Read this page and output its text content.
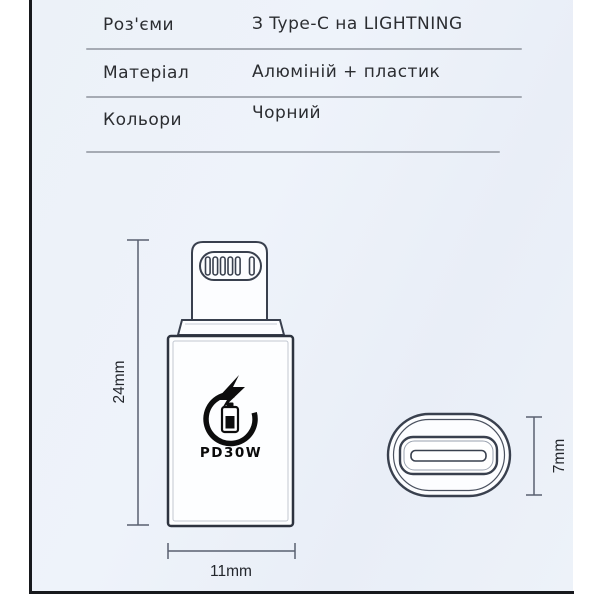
Роз'єми	З Type-C на LIGHTNING
Матеріал	Алюміній + пластик
Кольори	Чорний
PD30W
24mm
11mm
7mm
